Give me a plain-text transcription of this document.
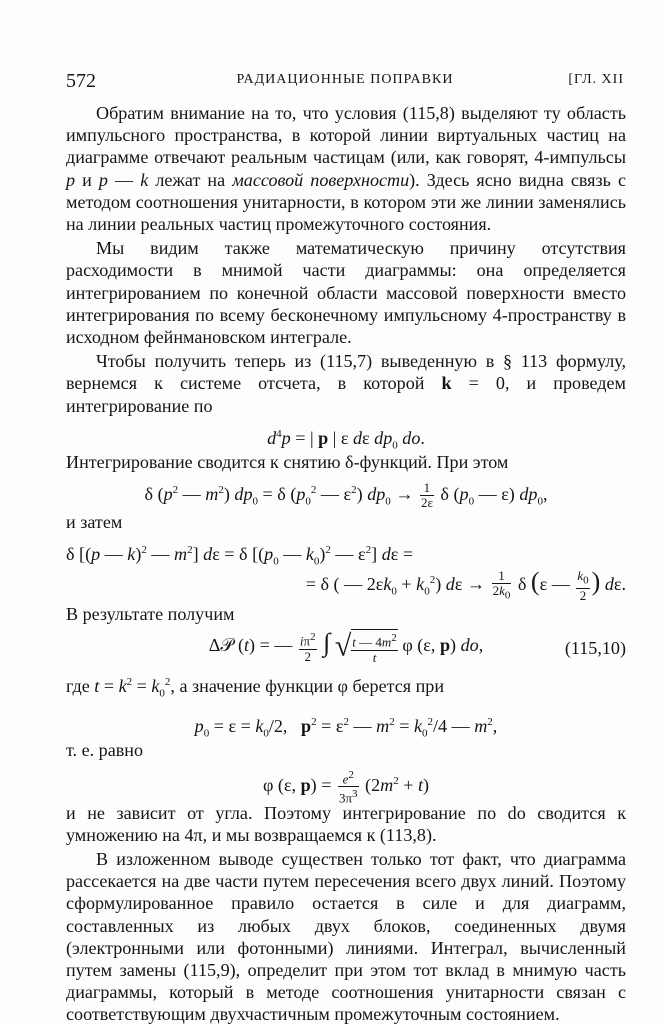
572	РАДИАЦИОННЫЕ ПОПРАВКИ	[ГЛ. XII

Обратим внимание на то, что условия (115,8) выделяют ту область импульсного пространства, в которой линии виртуальных частиц на диаграмме отвечают реальным частицам (или, как говорят, 4-импульсы p и p — k лежат на массовой поверхности). Здесь ясно видна связь с методом соотношения унитарности, в котором эти же линии заменялись на линии реальных частиц промежуточного состояния.

Мы видим также математическую причину отсутствия расходимости в мнимой части диаграммы: она определяется интегрированием по конечной области массовой поверхности вместо интегрирования по всему бесконечному импульсному 4-пространству в исходном фейнмановском интеграле.

Чтобы получить теперь из (115,7) выведенную в § 113 формулу, вернемся к системе отсчета, в которой k = 0, и проведем интегрирование по

$d^4p$ = | p | ε dε $dp_0$ do.

Интегрирование сводится к снятию δ-функций. При этом

δ ($p^2$ — $m^2$) $dp_0 = \delta$ ($p_0^2$ — $\varepsilon^2$) $dp_0 \to \frac{1}{2\varepsilon}$ δ ($p_0$ — ε) $dp_0$,

и затем

δ [(p — k)$^2$ — $m^2$] dε = δ [($p_0$ — $k_0)^2$ — $\varepsilon^2$] dε =
= δ ( — $2\varepsilon k_0 + k_0^2$) $d\varepsilon \to \frac{1}{2k_0}$ δ (ε — $\frac{k_0}{2}$ ) dε.

В результате получим

Δ𝒫 (t) = — $\frac{i\pi^2}{2}$ ∫ √ $\frac{t — 4m^2}{t}$ φ (ε, p) do,	(115,10)

где $t = k^2 = k_0^2$, а значение функции φ берется при

$p_0 = \varepsilon = k_0/2$,   $p^2 = \varepsilon^2$ — $m^2 = k_0^2/4$ — $m^2$,

т. е. равно

φ (ε, $p) = \frac{e^2}{3\pi^3} (2m^2 + t)$

и не зависит от угла. Поэтому интегрирование по do сводится к умножению на 4π, и мы возвращаемся к (113,8).

В изложенном выводе существен только тот факт, что диаграмма рассекается на две части путем пересечения всего двух линий. Поэтому сформулированное правило остается в силе и для диаграмм, составленных из любых двух блоков, соединенных двумя (электронными или фотонными) линиями. Интеграл, вычисленный путем замены (115,9), определит при этом тот вклад в мнимую часть диаграммы, который в методе соотношения унитарности связан с соответствующим двухчастичным промежуточным состоянием.
